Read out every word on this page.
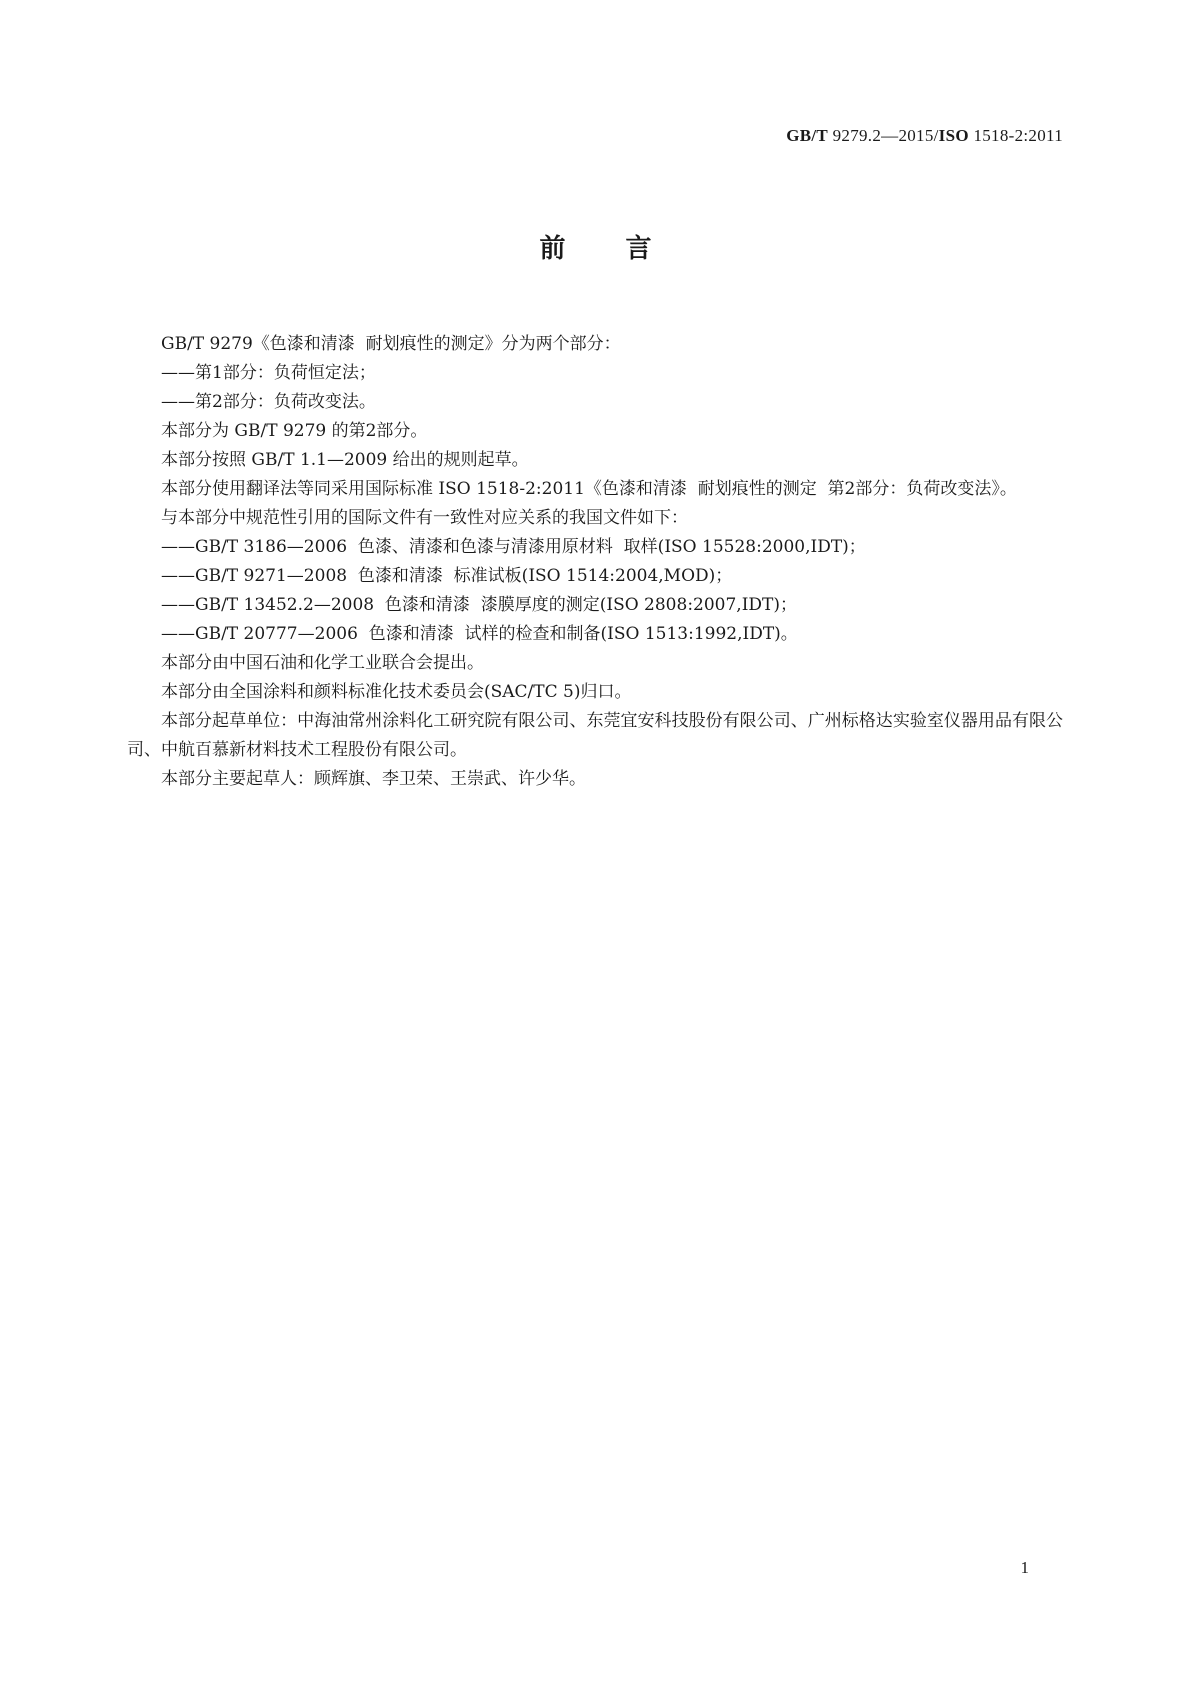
GB/T 9279.2—2015/ISO 1518-2:2011
前言

GB/T 9279《色漆和清漆  耐划痕性的测定》分为两个部分：

——第1部分：负荷恒定法；

——第2部分：负荷改变法。

本部分为 GB/T 9279 的第2部分。

本部分按照 GB/T 1.1—2009 给出的规则起草。

本部分使用翻译法等同采用国际标准 ISO 1518-2:2011《色漆和清漆  耐划痕性的测定  第2部分：负荷改变法》。

与本部分中规范性引用的国际文件有一致性对应关系的我国文件如下：

——GB/T 3186—2006  色漆、清漆和色漆与清漆用原材料  取样(ISO 15528:2000,IDT)；

——GB/T 9271—2008  色漆和清漆  标准试板(ISO 1514:2004,MOD)；

——GB/T 13452.2—2008  色漆和清漆  漆膜厚度的测定(ISO 2808:2007,IDT)；

——GB/T 20777—2006  色漆和清漆  试样的检查和制备(ISO 1513:1992,IDT)。

本部分由中国石油和化学工业联合会提出。

本部分由全国涂料和颜料标准化技术委员会(SAC/TC 5)归口。

本部分起草单位：中海油常州涂料化工研究院有限公司、东莞宜安科技股份有限公司、广州标格达实验室仪器用品有限公司、中航百慕新材料技术工程股份有限公司。

本部分主要起草人：顾辉旗、李卫荣、王崇武、许少华。

1
